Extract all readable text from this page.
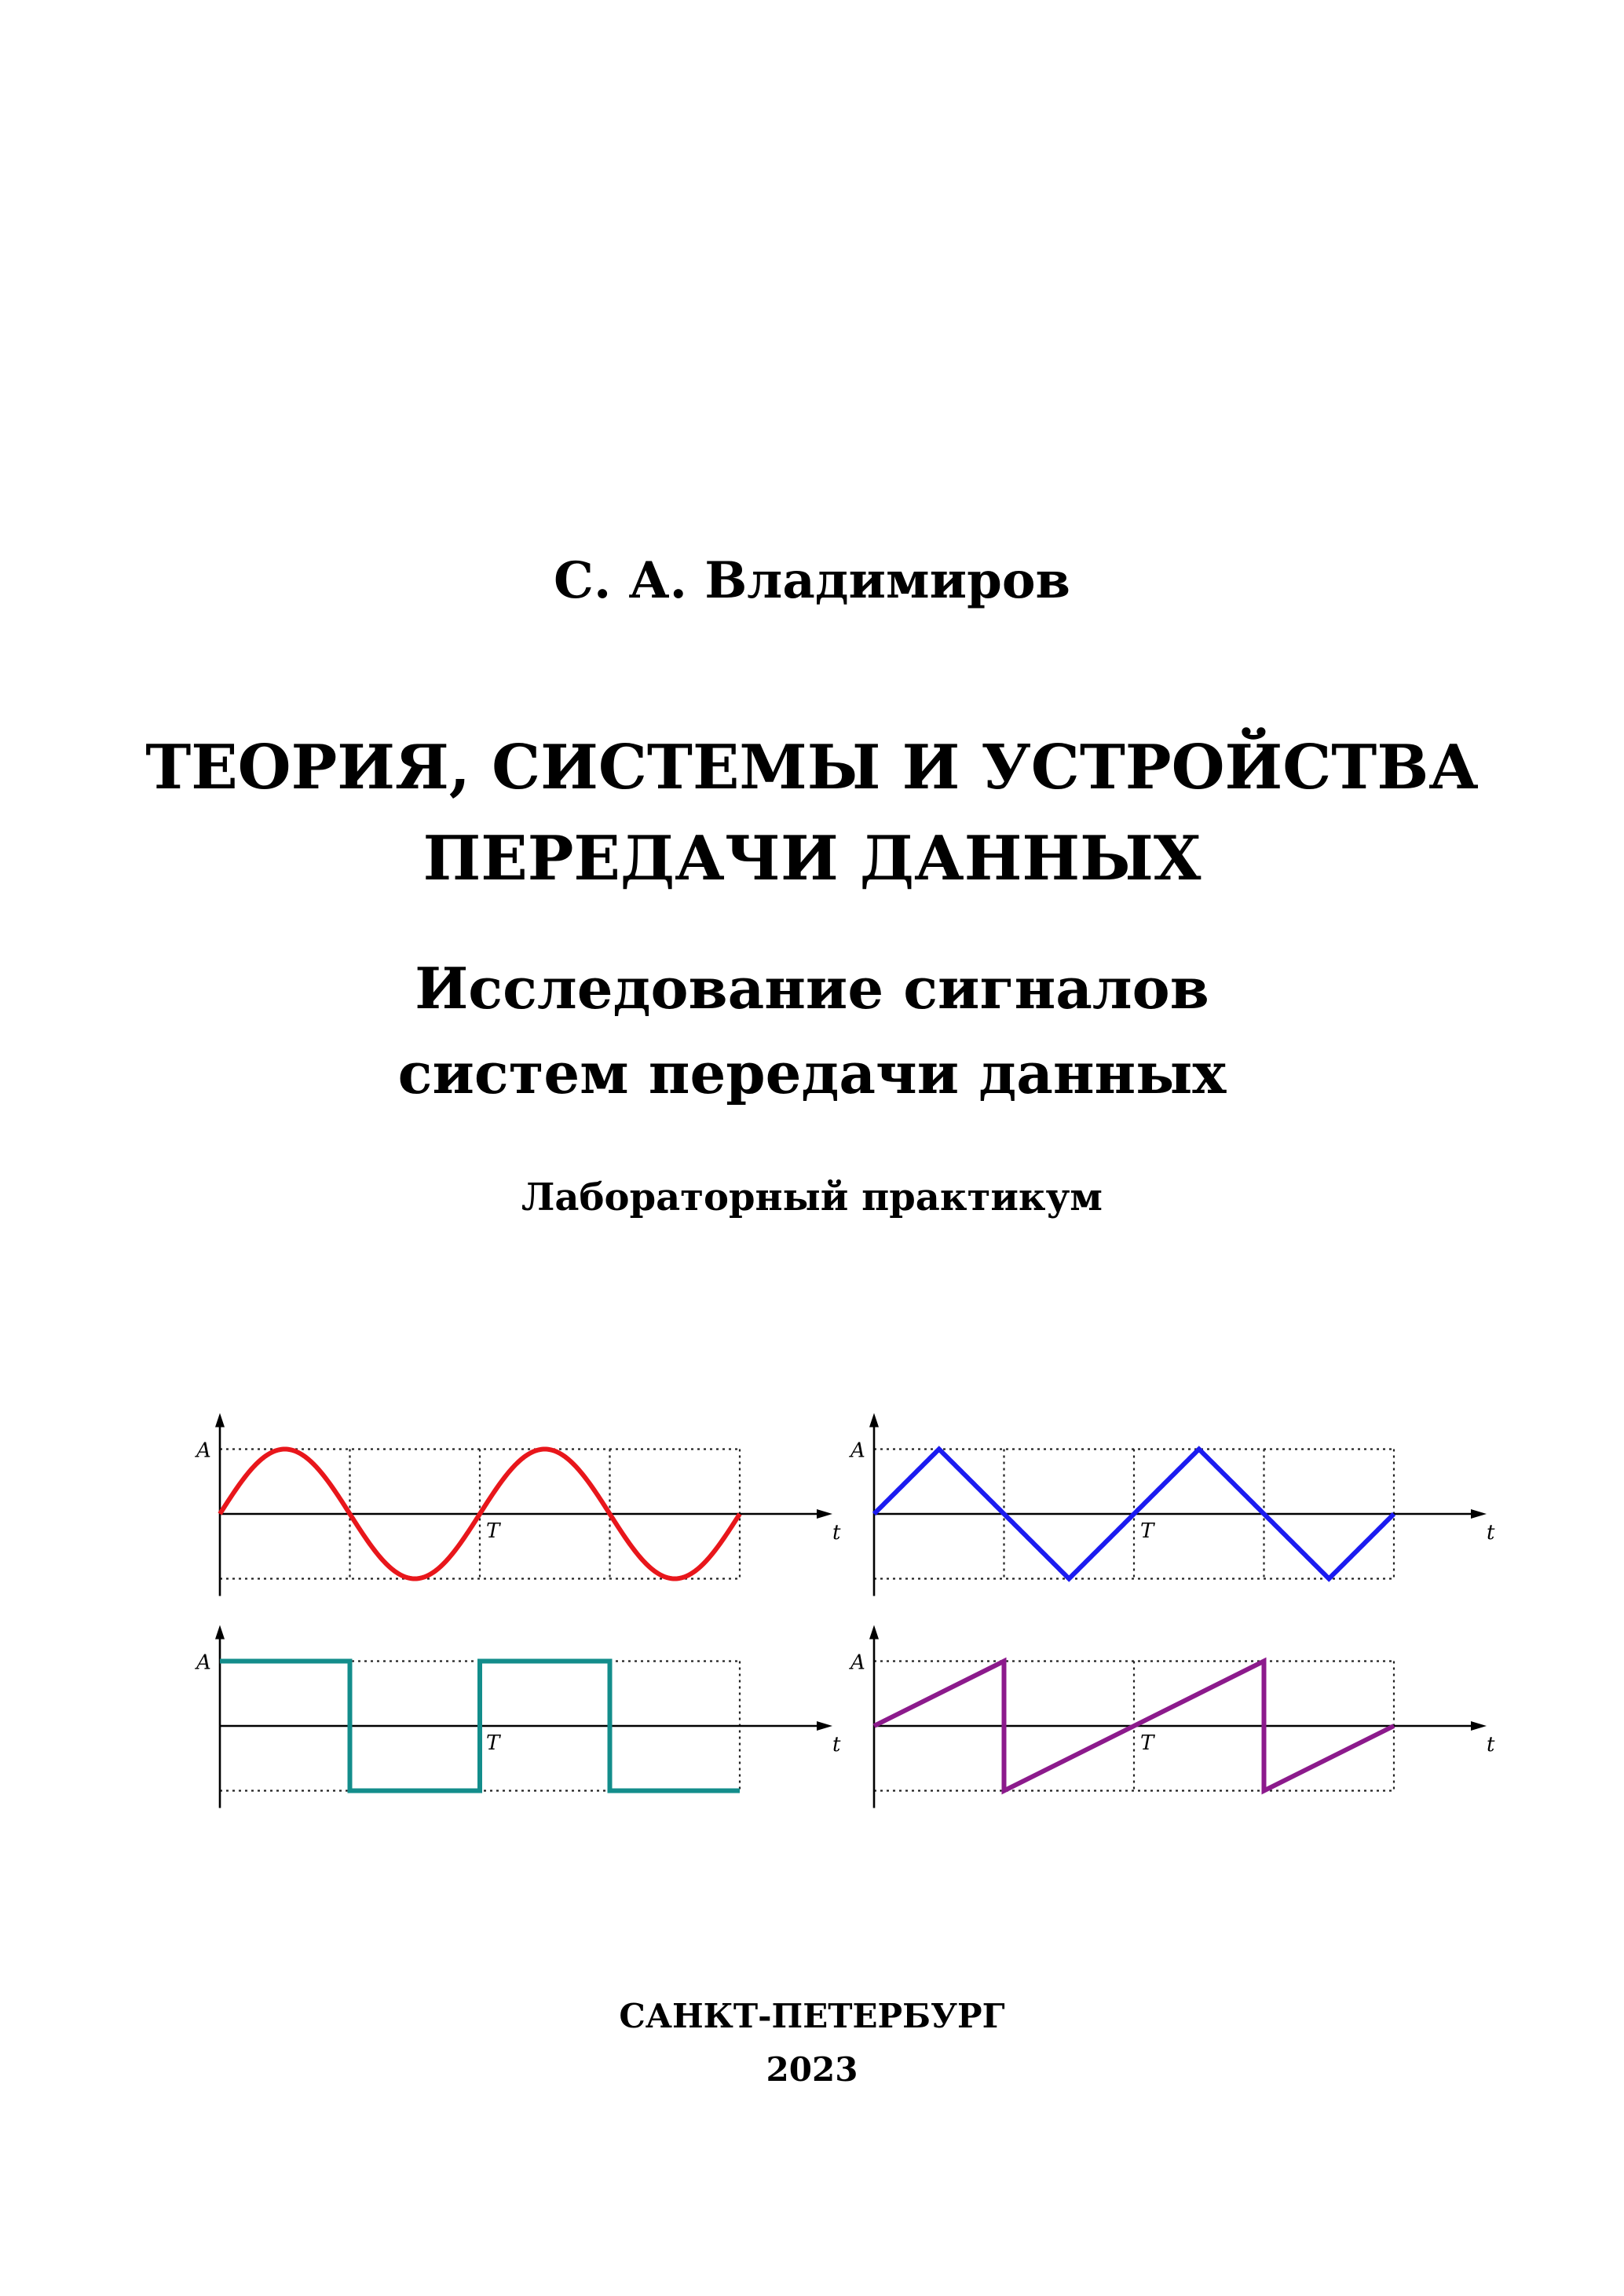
С. А. Владимиров
ТЕОРИЯ, СИСТЕМЫ И УСТРОЙСТВА
ПЕРЕДАЧИ ДАННЫХ
Исследование сигналов
систем передачи данных
Лабораторный практикум
A
T	t
A
T	t
A
T	t
A
T	t
САНКТ-ПЕТЕРБУРГ
2023
